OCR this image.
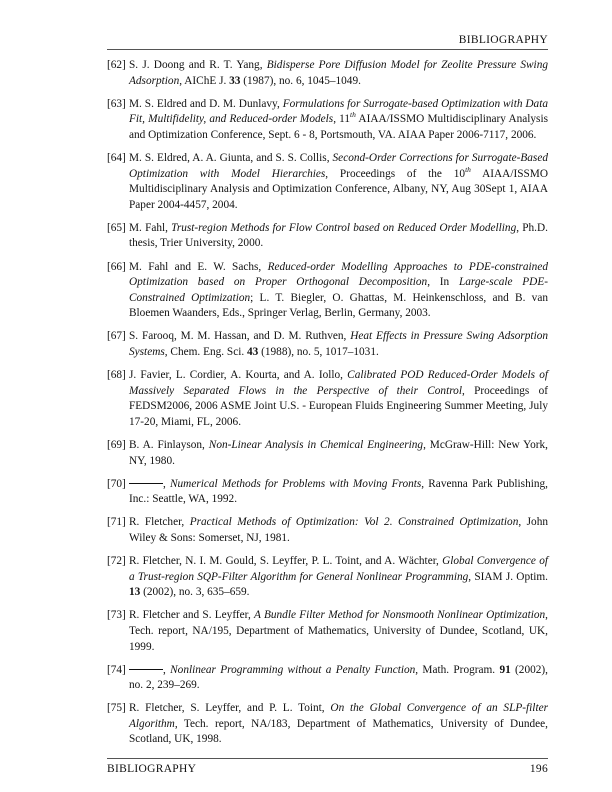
BIBLIOGRAPHY
[62] S. J. Doong and R. T. Yang, Bidisperse Pore Diffusion Model for Zeolite Pressure Swing Adsorption, AIChE J. 33 (1987), no. 6, 1045–1049.
[63] M. S. Eldred and D. M. Dunlavy, Formulations for Surrogate-based Optimization with Data Fit, Multifidelity, and Reduced-order Models, 11th AIAA/ISSMO Multidisciplinary Analysis and Optimization Conference, Sept. 6 - 8, Portsmouth, VA. AIAA Paper 2006-7117, 2006.
[64] M. S. Eldred, A. A. Giunta, and S. S. Collis, Second-Order Corrections for Surrogate-Based Optimization with Model Hierarchies, Proceedings of the 10th AIAA/ISSMO Multidisciplinary Analysis and Optimization Conference, Albany, NY, Aug 30Sept 1, AIAA Paper 2004-4457, 2004.
[65] M. Fahl, Trust-region Methods for Flow Control based on Reduced Order Modelling, Ph.D. thesis, Trier University, 2000.
[66] M. Fahl and E. W. Sachs, Reduced-order Modelling Approaches to PDE-constrained Optimization based on Proper Orthogonal Decomposition, In Large-scale PDE-Constrained Optimization; L. T. Biegler, O. Ghattas, M. Heinkenschloss, and B. van Bloemen Waanders, Eds., Springer Verlag, Berlin, Germany, 2003.
[67] S. Farooq, M. M. Hassan, and D. M. Ruthven, Heat Effects in Pressure Swing Adsorption Systems, Chem. Eng. Sci. 43 (1988), no. 5, 1017–1031.
[68] J. Favier, L. Cordier, A. Kourta, and A. Iollo, Calibrated POD Reduced-Order Models of Massively Separated Flows in the Perspective of their Control, Proceedings of FEDSM2006, 2006 ASME Joint U.S. - European Fluids Engineering Summer Meeting, July 17-20, Miami, FL, 2006.
[69] B. A. Finlayson, Non-Linear Analysis in Chemical Engineering, McGraw-Hill: New York, NY, 1980.
[70]	, Numerical Methods for Problems with Moving Fronts, Ravenna Park Publishing, Inc.: Seattle, WA, 1992.
[71] R. Fletcher, Practical Methods of Optimization: Vol 2. Constrained Optimization, John Wiley & Sons: Somerset, NJ, 1981.
[72] R. Fletcher, N. I. M. Gould, S. Leyffer, P. L. Toint, and A. Wächter, Global Convergence of a Trust-region SQP-Filter Algorithm for General Nonlinear Programming, SIAM J. Optim. 13 (2002), no. 3, 635–659.
[73] R. Fletcher and S. Leyffer, A Bundle Filter Method for Nonsmooth Nonlinear Optimization, Tech. report, NA/195, Department of Mathematics, University of Dundee, Scotland, UK, 1999.
[74]	, Nonlinear Programming without a Penalty Function, Math. Program. 91 (2002), no. 2, 239–269.
[75] R. Fletcher, S. Leyffer, and P. L. Toint, On the Global Convergence of an SLP-filter Algorithm, Tech. report, NA/183, Department of Mathematics, University of Dundee, Scotland, UK, 1998.
BIBLIOGRAPHY	196
